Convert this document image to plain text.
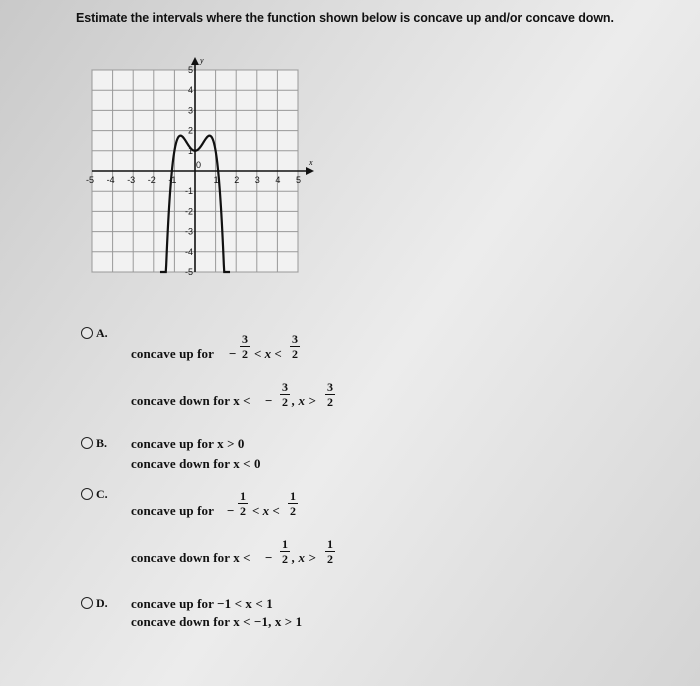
Estimate the intervals where the function shown below is concave up and/or concave down.
x
y
-5 -4 -3 -2 -1
0
1 2 3 4 5
5
4
3
2
1
-1
-2
-3
-4
-5
A.
concave up for −
3
2 < x <
3
2
concave down for x < −
3
2 , x >
3
2
B. concave up for x > 0
concave down for x < 0
C.
concave up for −
1
2 < x <
1
2
concave down for x < −
1
2 , x >
1
2
D. concave up for −1 < x < 1
concave down for x < −1, x > 1
